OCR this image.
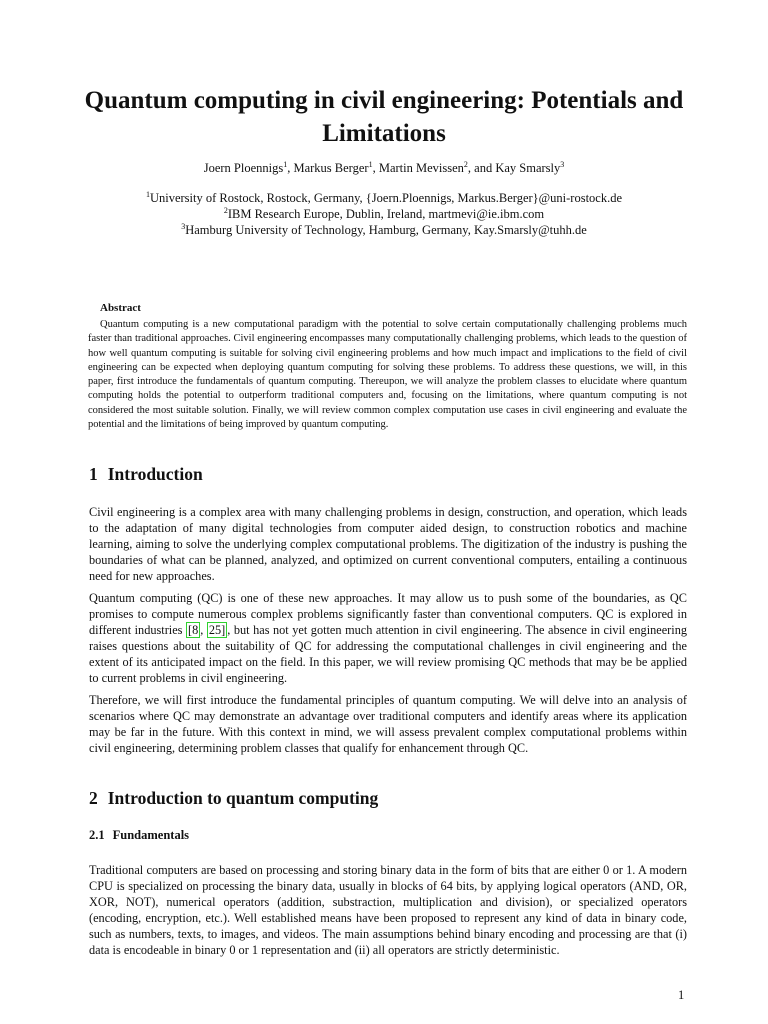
Quantum computing in civil engineering: Potentials and Limitations

Joern Ploennigs$^1$, Markus Berger$^1$, Martin Mevissen$^2$, and Kay Smarsly$^3$

$^1$University of Rostock, Rostock, Germany, {Joern.Ploennigs, Markus.Berger}@uni-rostock.de
$^2$IBM Research Europe, Dublin, Ireland, martmevi@ie.ibm.com
$^3$Hamburg University of Technology, Hamburg, Germany, Kay.Smarsly@tuhh.de

Abstract

Quantum computing is a new computational paradigm with the potential to solve certain computationally challenging problems much faster than traditional approaches. Civil engineering encompasses many computationally challenging problems, which leads to the question of how well quantum computing is suitable for solving civil engineering problems and how much impact and implications to the field of civil engineering can be expected when deploying quantum computing for solving these problems. To address these questions, we will, in this paper, first introduce the fundamentals of quantum computing. Thereupon, we will analyze the problem classes to elucidate where quantum computing holds the potential to outperform traditional computers and, focusing on the limitations, where quantum computing is not considered the most suitable solution. Finally, we will review common complex computation use cases in civil engineering and evaluate the potential and the limitations of being improved by quantum computing.

1 Introduction

Civil engineering is a complex area with many challenging problems in design, construction, and operation, which leads to the adaptation of many digital technologies from computer aided design, to construction robotics and machine learning, aiming to solve the underlying complex computational problems. The digitization of the industry is pushing the boundaries of what can be planned, analyzed, and optimized on current conventional computers, entailing a continuous need for new approaches.

Quantum computing (QC) is one of these new approaches. It may allow us to push some of the boundaries, as QC promises to compute numerous complex problems significantly faster than conventional computers. QC is explored in different industries [8 , 25] , but has not yet gotten much attention in civil engineering. The absence in civil engineering raises questions about the suitability of QC for addressing the computational challenges in civil engineering and the extent of its anticipated impact on the field. In this paper, we will review promising QC methods that may be be applied to current problems in civil engineering.

Therefore, we will first introduce the fundamental principles of quantum computing. We will delve into an analysis of scenarios where QC may demonstrate an advantage over traditional computers and identify areas where its application may be far in the future. With this context in mind, we will assess prevalent complex computational problems within civil engineering, determining problem classes that qualify for enhancement through QC.

2 Introduction to quantum computing
2.1 Fundamentals

Traditional computers are based on processing and storing binary data in the form of bits that are either 0 or 1. A modern CPU is specialized on processing the binary data, usually in blocks of 64 bits, by applying logical operators (AND, OR, XOR, NOT), numerical operators (addition, substraction, multiplication and division), or specialized operators (encoding, encryption, etc.). Well established means have been proposed to represent any kind of data in binary code, such as numbers, texts, to images, and videos. The main assumptions behind binary encoding and processing are that (i) data is encodeable in binary 0 or 1 representation and (ii) all operators are strictly deterministic.

1
